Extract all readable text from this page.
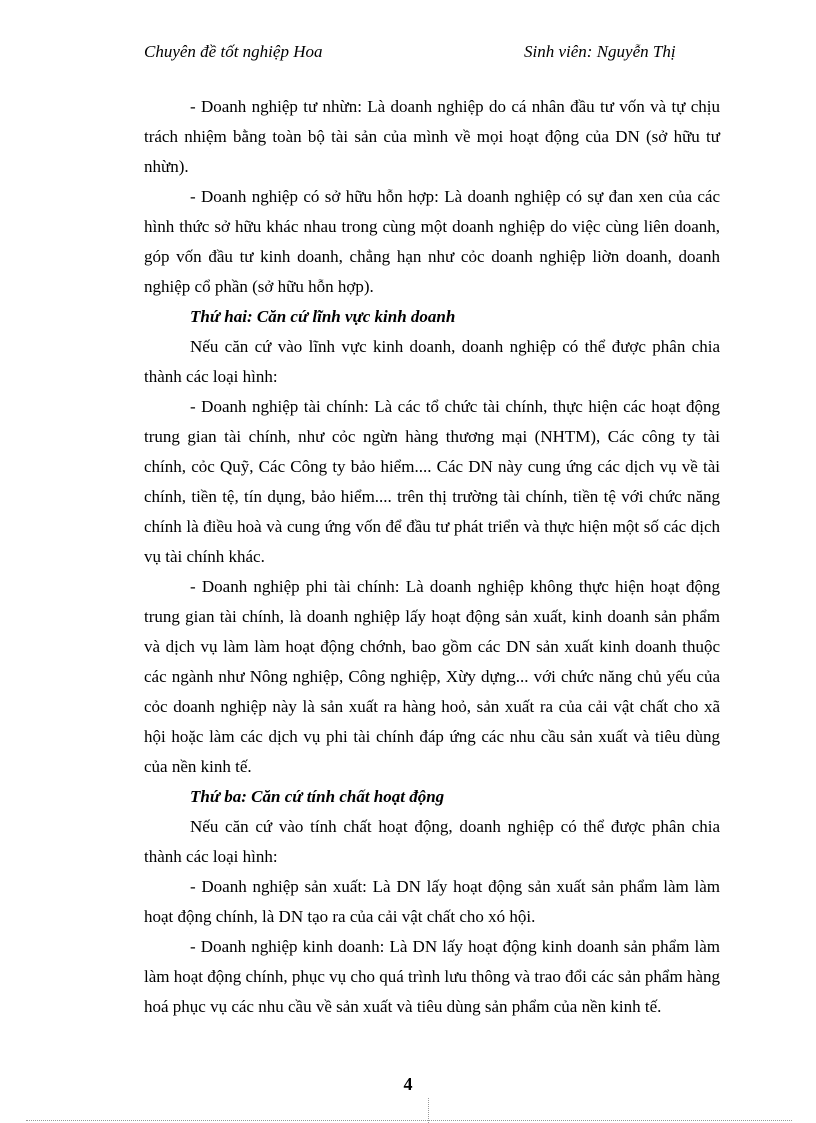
Chuyên đề tốt nghiệp Hoa	Sinh viên: Nguyễn Thị

- Doanh nghiệp tư nhừn: Là doanh nghiệp do cá nhân đầu tư vốn và tự chịu trách nhiệm bằng toàn bộ tài sản của mình về mọi hoạt động của DN (sở hữu tư nhừn).

- Doanh nghiệp có sở hữu hỗn hợp: Là doanh nghiệp có sự đan xen của các hình thức sở hữu khác nhau trong cùng một doanh nghiệp do việc cùng liên doanh, góp vốn đầu tư kinh doanh, chẳng hạn như cỏc doanh nghiệp liờn doanh, doanh nghiệp cổ phần (sở hữu hỗn hợp).

Thứ hai: Căn cứ lĩnh vực kinh doanh

Nếu căn cứ vào lĩnh vực kinh doanh, doanh nghiệp có thể được phân chia thành các loại hình:

- Doanh nghiệp tài chính: Là các tổ chức tài chính, thực hiện các hoạt động trung gian tài chính, như cỏc ngừn hàng thương mại (NHTM), Các công ty tài chính, cỏc Quỹ, Các Công ty bảo hiểm.... Các DN này cung ứng các dịch vụ về tài chính, tiền tệ, tín dụng, bảo hiểm.... trên thị trường tài chính, tiền tệ với chức năng chính là điều hoà và cung ứng vốn để đầu tư phát triển và thực hiện một số các dịch vụ tài chính khác.

- Doanh nghiệp phi tài chính: Là doanh nghiệp không thực hiện hoạt động trung gian tài chính, là doanh nghiệp lấy hoạt động sản xuất, kinh doanh sản phẩm và dịch vụ làm làm hoạt động chớnh, bao gồm các DN sản xuất kinh doanh thuộc các ngành như Nông nghiệp, Công nghiệp, Xừy dựng... với chức năng chủ yếu của cỏc doanh nghiệp này là sản xuất ra hàng hoỏ, sản xuất ra của cải vật chất cho xã hội hoặc làm các dịch vụ phi tài chính đáp ứng các nhu cầu sản xuất và tiêu dùng của nền kinh tế.

Thứ ba: Căn cứ tính chất hoạt động

Nếu căn cứ vào tính chất hoạt động, doanh nghiệp có thể được phân chia thành các loại hình:

- Doanh nghiệp sản xuất: Là DN lấy hoạt động sản xuất sản phẩm làm làm hoạt động chính, là DN tạo ra của cải vật chất cho xó hội.

- Doanh nghiệp kinh doanh: Là DN lấy hoạt động kinh doanh sản phẩm làm làm hoạt động chính, phục vụ cho quá trình lưu thông và trao đổi các sản phẩm hàng hoá phục vụ các nhu cầu về sản xuất và tiêu dùng sản phẩm của nền kinh tế.

4
